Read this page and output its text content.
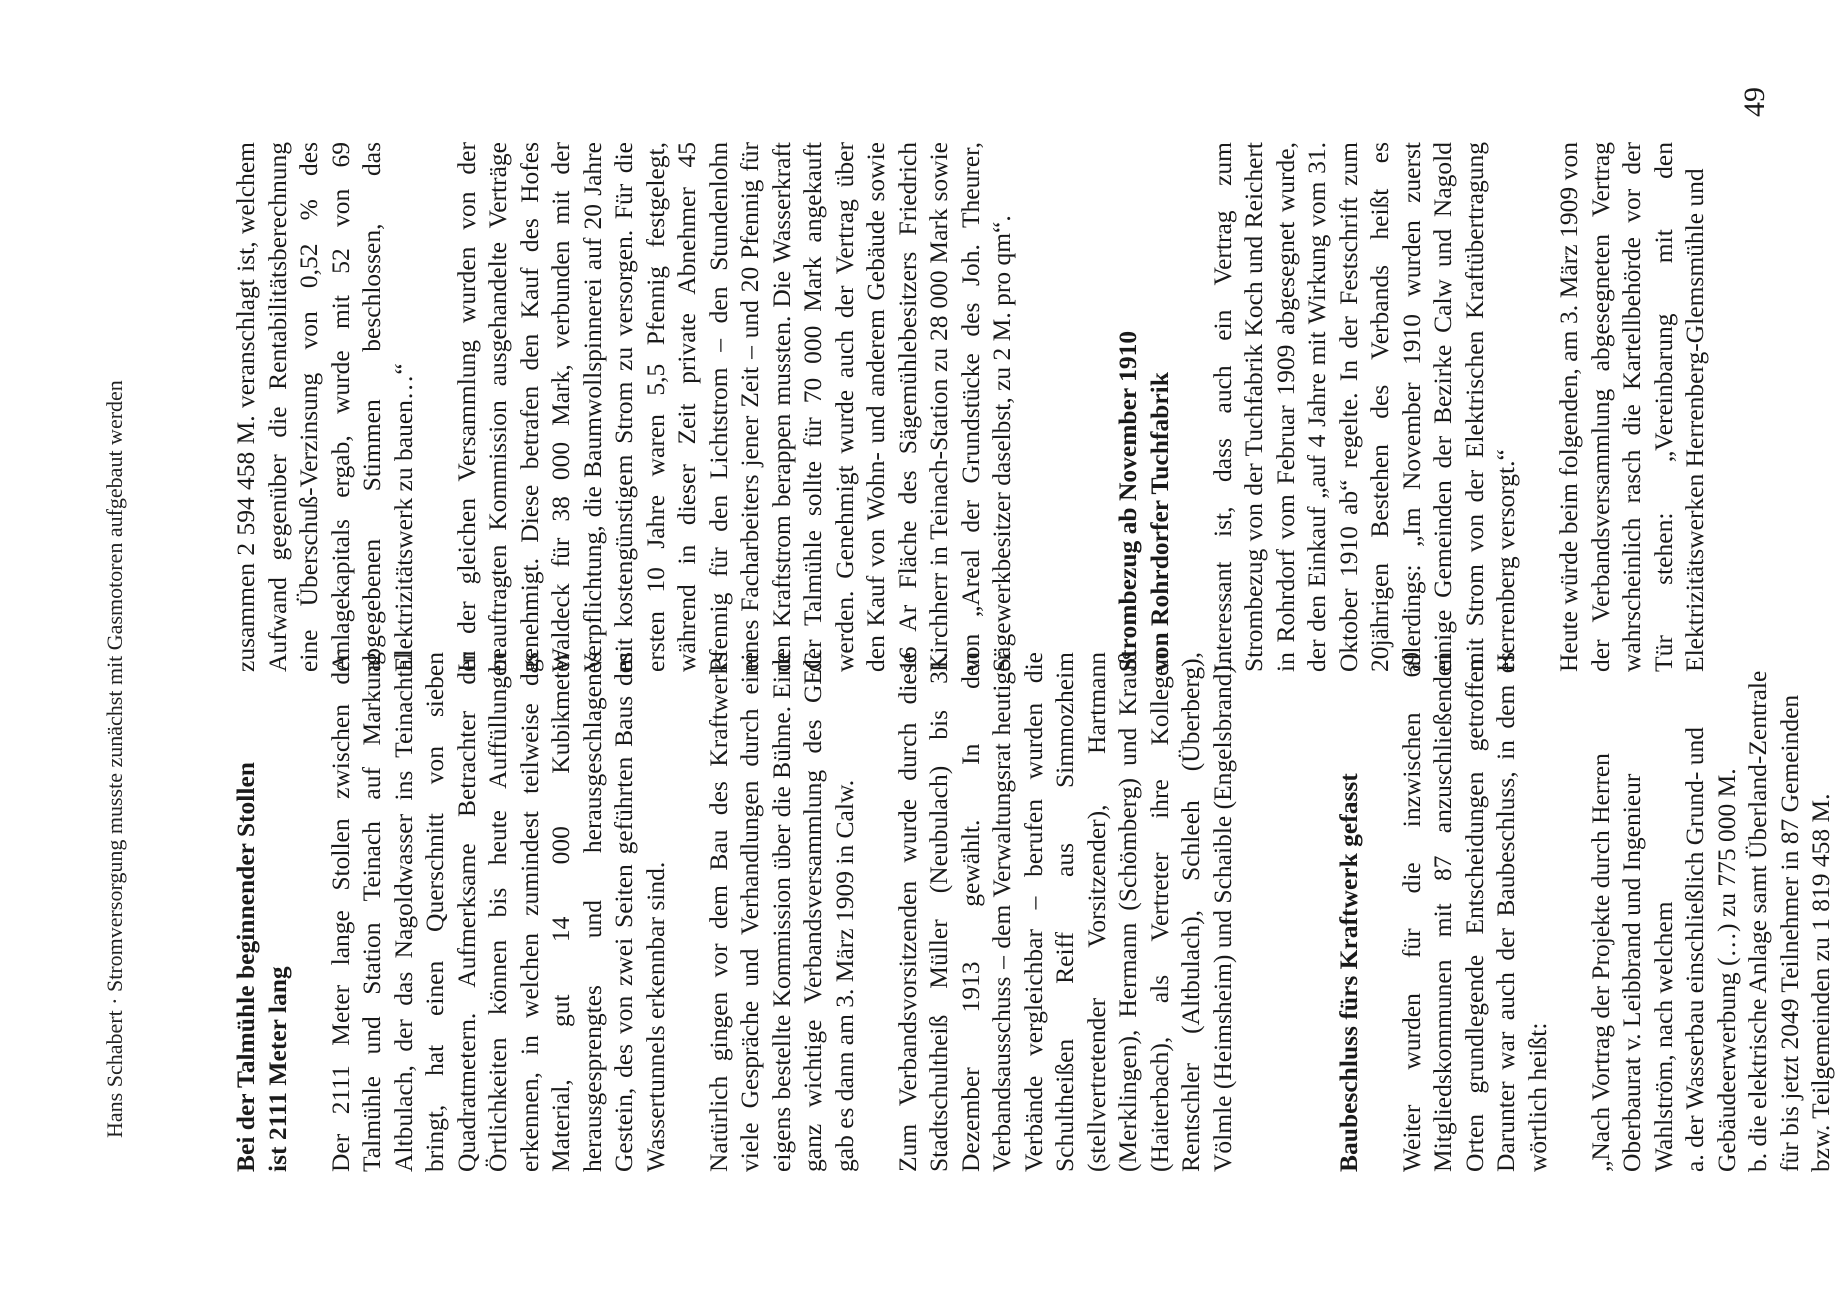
Hans Schabert · Stromversorgung musste zunächst mit Gasmotoren aufgebaut werden	Bei der Talmühle beginnender Stollen
ist 2111 Meter lang Der 2111 Meter lange Stollen zwischen der Talmühle und Station Teinach auf Markung Altbulach, der das Nagoldwasser ins Teinachtal bringt, hat einen Querschnitt von sieben Quadratmetern. Aufmerksame Betrachter der Örtlichkeiten können bis heute Auffüllungen erkennen, in welchen zumindest teilweise das Material, gut 14 000 Kubikmeter herausgesprengtes und herausgeschlagenes Gestein, des von zwei Seiten geführten Baus des Wassertunnels erkennbar sind. Natürlich gingen vor dem Bau des Kraftwerks viele Gespräche und Verhandlungen durch eine eigens bestellte Kommission über die Bühne. Eine ganz wichtige Verbandsversammlung des GEC gab es dann am 3. März 1909 in Calw. Zum Verbandsvorsitzenden wurde durch diese Stadtschultheiß Müller (Neubulach) bis 31. Dezember 1913 gewählt. In den Verbandsausschuss – dem Verwaltungsrat heutiger Verbände vergleichbar – berufen wurden die Schultheißen Reiff aus Simmozheim (stellvertretender Vorsitzender), Hartmann (Merklingen), Hermann (Schömberg) und Krauß (Haiterbach), als Vertreter ihre Kollegen Rentschler (Altbulach), Schleeh (Überberg), Völmle (Heimsheim) und Schaible (Engelsbrand).	Baubeschluss fürs Kraftwerk gefasst Weiter wurden für die inzwischen 69 Mitgliedskommunen mit 87 anzuschließenden Orten grundlegende Entscheidungen getroffen. Darunter war auch der Baubeschluss, in dem es wörtlich heißt: „Nach Vortrag der Projekte durch Herren Oberbaurat v. Leibbrand und Ingenieur Wahlström, nach welchem a. der Wasserbau einschließlich Grund- und Gebäudeerwerbung (…) zu 775 000 M. b. die elektrische Anlage samt Überland-Zentrale für bis jetzt 2049 Teilnehmer in 87 Gemeinden bzw. Teilgemeinden zu 1 819 458 M.

zusammen 2 594 458 M. veranschlagt ist, welchem Aufwand gegenüber die Rentabilitätsberechnung eine Überschuß-Verzinsung von 0,52 % des Anlagekapitals ergab, wurde mit 52 von 69 abgegebenen Stimmen beschlossen, das Elektrizitätswerk zu bauen…“ In der gleichen Versammlung wurden von der beauftragten Kommission ausgehandelte Verträge genehmigt. Diese betrafen den Kauf des Hofes Waldeck für 38 000 Mark, verbunden mit der Verpflichtung, die Baumwollspinnerei auf 20 Jahre mit kostengünstigem Strom zu versorgen. Für die ersten 10 Jahre waren 5,5 Pfennig festgelegt, während in dieser Zeit private Abnehmer 45 Pfennig für den Lichtstrom – den Stundenlohn eines Facharbeiters jener Zeit – und 20 Pfennig für den Kraftstrom berappen mussten. Die Wasserkraft der Talmühle sollte für 70 000 Mark angekauft werden. Genehmigt wurde auch der Vertrag über den Kauf von Wohn- und anderem Gebäude sowie 16 Ar Fläche des Sägemühlebesitzers Friedrich Kirchherr in Teinach-Station zu 28 000 Mark sowie von „Areal der Grundstücke des Joh. Theurer, Sägewerkbesitzer daselbst, zu 2 M. pro qm“.	Strombezug ab November 1910
von Rohrdorfer Tuchfabrik Interessant ist, dass auch ein Vertrag zum Strombezug von der Tuchfabrik Koch und Reichert in Rohrdorf vom Februar 1909 abgesegnet wurde, der den Einkauf „auf 4 Jahre mit Wirkung vom 31. Oktober 1910 ab“ regelte. In der Festschrift zum 20jährigen Bestehen des Verbands heißt es allerdings: „Im November 1910 wurden zuerst einige Gemeinden der Bezirke Calw und Nagold mit Strom von der Elektrischen Kraftübertragung Herrenberg versorgt.“ Heute würde beim folgenden, am 3. März 1909 von der Verbandsversammlung abgesegneten Vertrag wahrscheinlich rasch die Kartellbehörde vor der Tür stehen: „Vereinbarung mit den Elektrizitätswerken Herrenberg-Glemsmühle und

49
